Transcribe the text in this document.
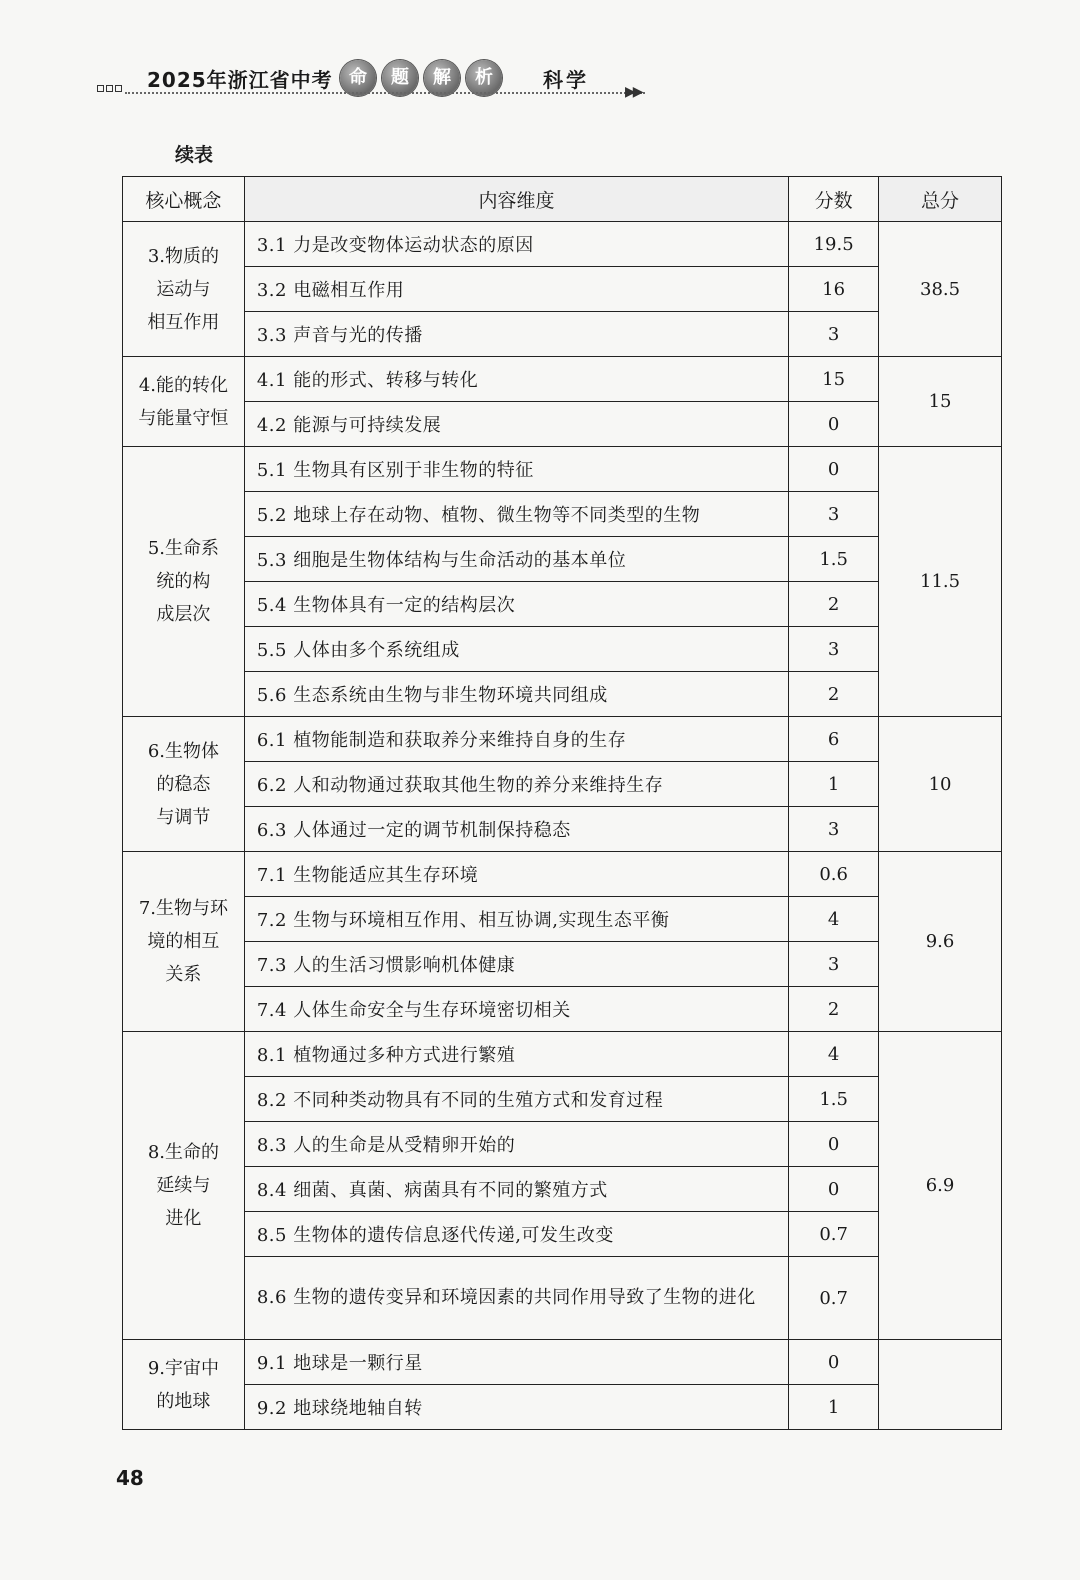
2025年浙江省中考 命	题	解	析	科学	▶▶
续表
核心概念	内容维度	分数	总分

3.物质的
运动与
相互作用	3.1 力是改变物体运动状态的原因	19.5	38.5
	3.2 电磁相互作用	16	
	3.3 声音与光的传播	3	

4.能的转化
与能量守恒	4.1 能的形式、转移与转化	15	15
	4.2 能源与可持续发展	0	

5.生命系
统的构
成层次	5.1 生物具有区别于非生物的特征	0	11.5
	5.2 地球上存在动物、植物、微生物等不同类型的生物	3	
	5.3 细胞是生物体结构与生命活动的基本单位	1.5	
	5.4 生物体具有一定的结构层次	2	
	5.5 人体由多个系统组成	3	
	5.6 生态系统由生物与非生物环境共同组成	2	

6.生物体
的稳态
与调节	6.1 植物能制造和获取养分来维持自身的生存	6	10
	6.2 人和动物通过获取其他生物的养分来维持生存	1	
	6.3 人体通过一定的调节机制保持稳态	3	

7.生物与环
境的相互
关系	7.1 生物能适应其生存环境	0.6	9.6
	7.2 生物与环境相互作用、相互协调,实现生态平衡	4	
	7.3 人的生活习惯影响机体健康	3	
	7.4 人体生命安全与生存环境密切相关	2	

8.生命的
延续与
进化	8.1 植物通过多种方式进行繁殖	4	6.9
	8.2 不同种类动物具有不同的生殖方式和发育过程	1.5	
	8.3 人的生命是从受精卵开始的	0	
	8.4 细菌、真菌、病菌具有不同的繁殖方式	0	
	8.5 生物体的遗传信息逐代传递,可发生改变	0.7	
	8.6 生物的遗传变异和环境因素的共同作用导致了生物的进化	0.7	

9.宇宙中
的地球	9.1 地球是一颗行星	0	
	9.2 地球绕地轴自转	1	
48
